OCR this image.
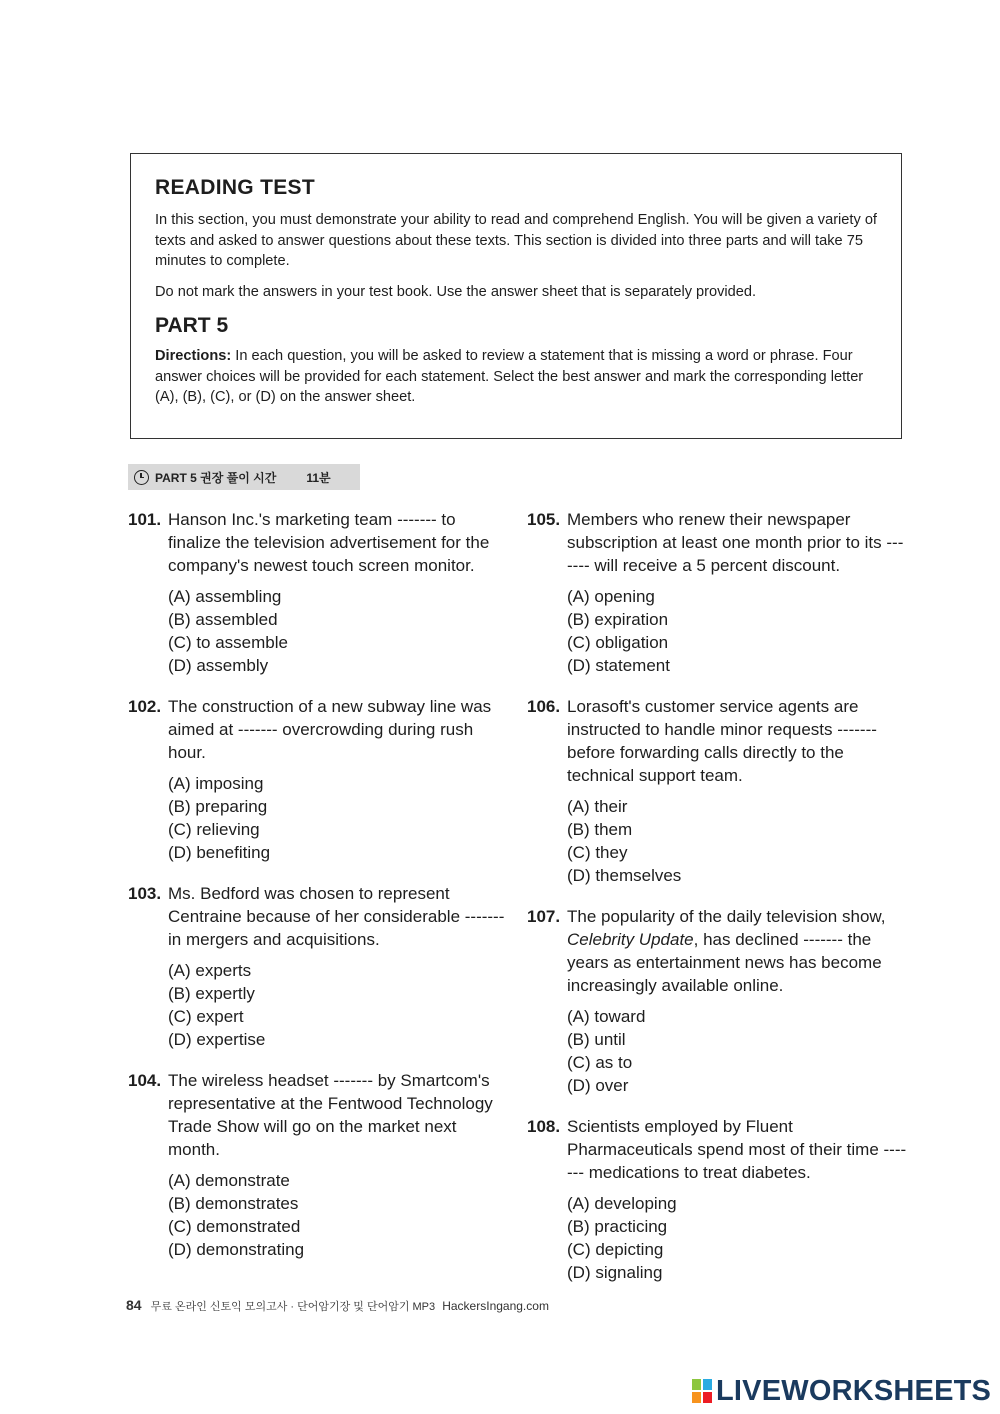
READING TEST

In this section, you must demonstrate your ability to read and comprehend English. You will be given a variety of texts and asked to answer questions about these texts. This section is divided into three parts and will take 75 minutes to complete.

Do not mark the answers in your test book. Use the answer sheet that is separately provided.

PART 5

Directions: In each question, you will be asked to review a statement that is missing a word or phrase. Four answer choices will be provided for each statement. Select the best answer and mark the corresponding letter (A), (B), (C), or (D) on the answer sheet.

PART 5 권장 풀이 시간	11분
101. Hanson Inc.'s marketing team ------- to finalize the television advertisement for the company's newest touch screen monitor.
(A) assembling
(B) assembled
(C) to assemble
(D) assembly
102. The construction of a new subway line was aimed at ------- overcrowding during rush hour.
(A) imposing
(B) preparing
(C) relieving
(D) benefiting
103. Ms. Bedford was chosen to represent Centraine because of her considerable ------- in mergers and acquisitions.
(A) experts
(B) expertly
(C) expert
(D) expertise
104. The wireless headset ------- by Smartcom's representative at the Fentwood Technology Trade Show will go on the market next month.
(A) demonstrate
(B) demonstrates
(C) demonstrated
(D) demonstrating
105. Members who renew their newspaper subscription at least one month prior to its ------- will receive a 5 percent discount.
(A) opening
(B) expiration
(C) obligation
(D) statement
106. Lorasoft's customer service agents are instructed to handle minor requests ------- before forwarding calls directly to the technical support team.
(A) their
(B) them
(C) they
(D) themselves
107. The popularity of the daily television show, Celebrity Update, has declined ------- the years as entertainment news has become increasingly available online.
(A) toward
(B) until
(C) as to
(D) over
108. Scientists employed by Fluent Pharmaceuticals spend most of their time ------- medications to treat diabetes.
(A) developing
(B) practicing
(C) depicting
(D) signaling
84 무료 온라인 신토익 모의고사 · 단어암기장 및 단어암기 MP3 HackersIngang.com
LIVEWORKSHEETS
